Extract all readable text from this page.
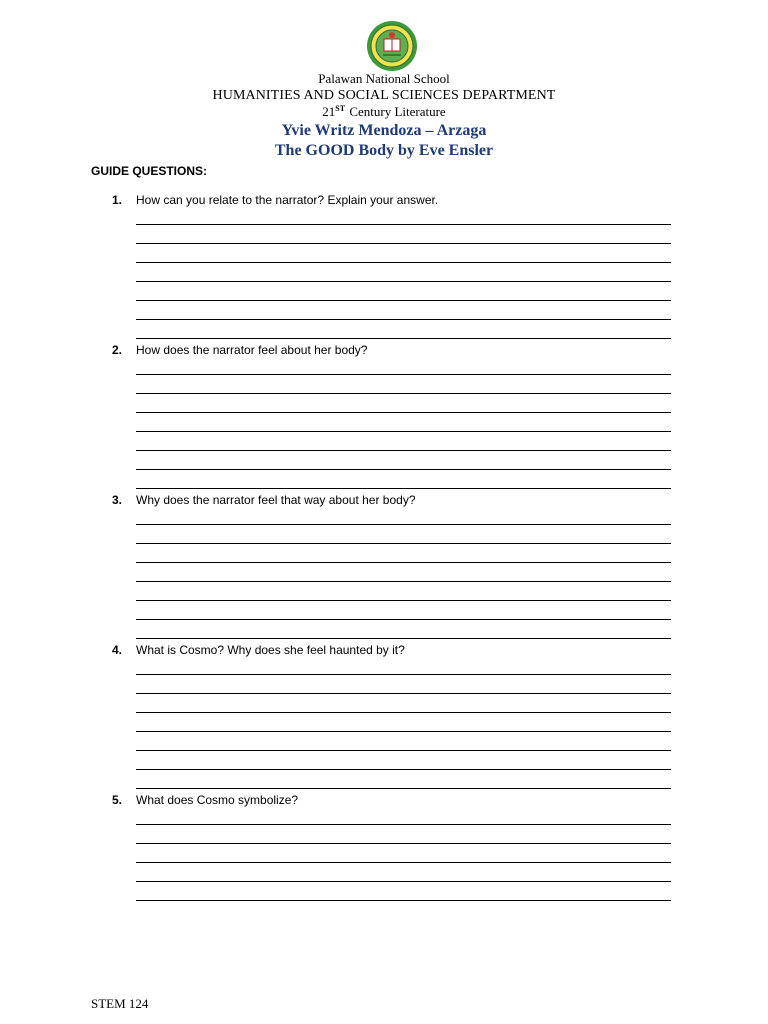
Palawan National School
HUMANITIES AND SOCIAL SCIENCES DEPARTMENT
21ST Century Literature
Yvie Writz Mendoza – Arzaga
The GOOD Body by Eve Ensler
GUIDE QUESTIONS:
1. How can you relate to the narrator? Explain your answer.
2. How does the narrator feel about her body?
3. Why does the narrator feel that way about her body?
4. What is Cosmo? Why does she feel haunted by it?
5. What does Cosmo symbolize?
STEM 124
